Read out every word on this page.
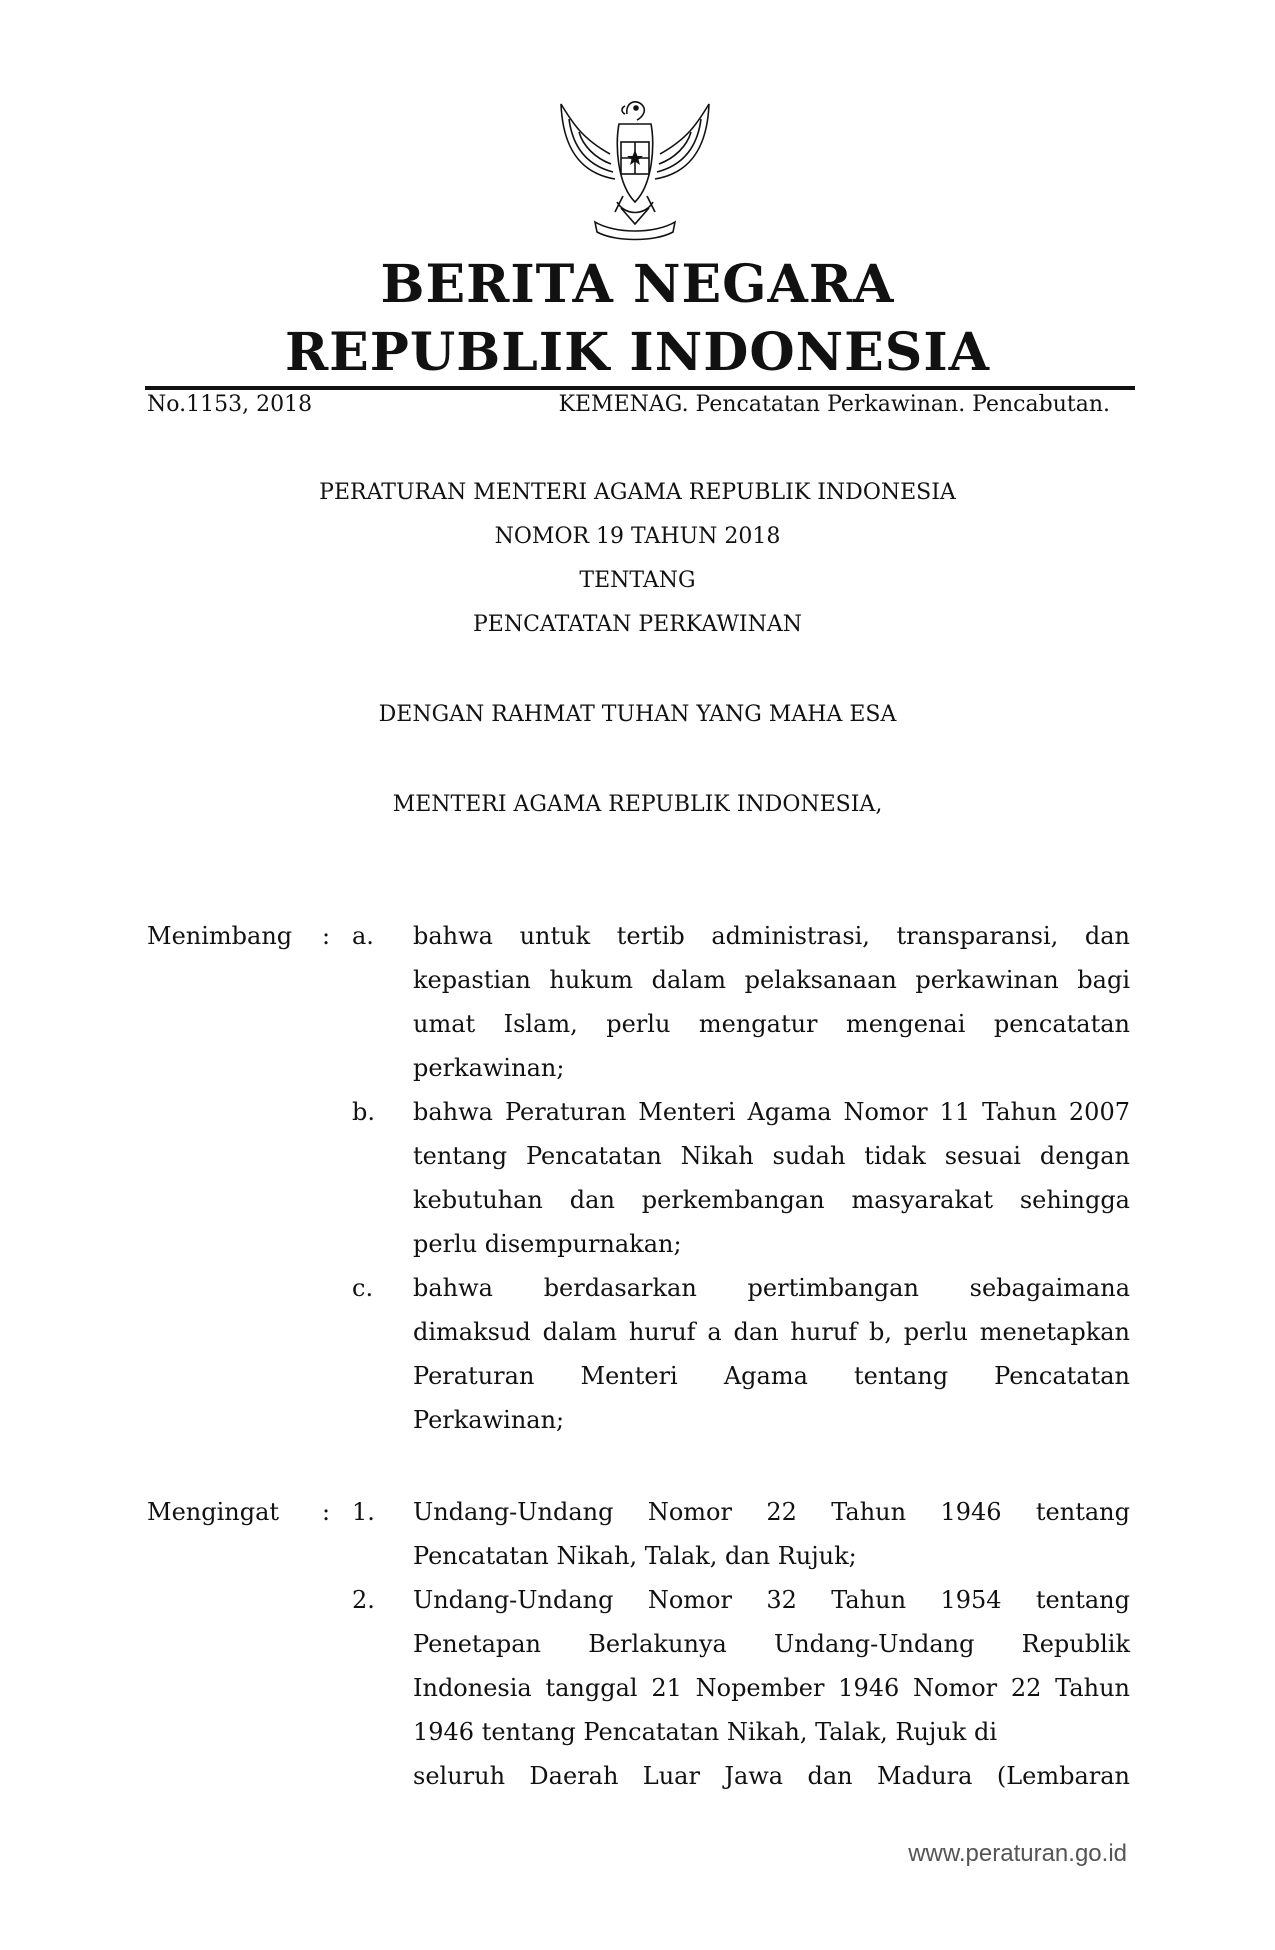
BERITA NEGARA
REPUBLIK INDONESIA
No.1153, 2018	KEMENAG. Pencatatan Perkawinan. Pencabutan.
PERATURAN MENTERI AGAMA REPUBLIK INDONESIA
NOMOR 19 TAHUN 2018
TENTANG
PENCATATAN PERKAWINAN
DENGAN RAHMAT TUHAN YANG MAHA ESA
MENTERI AGAMA REPUBLIK INDONESIA,
Menimbang : a.	bahwa untuk tertib administrasi, transparansi, dan
kepastian hukum dalam pelaksanaan perkawinan bagi
umat Islam, perlu mengatur mengenai pencatatan
perkawinan;
b.	bahwa Peraturan Menteri Agama Nomor 11 Tahun 2007
tentang Pencatatan Nikah sudah tidak sesuai dengan
kebutuhan dan perkembangan masyarakat sehingga
perlu disempurnakan;
c.	bahwa berdasarkan pertimbangan sebagaimana
dimaksud dalam huruf a dan huruf b, perlu menetapkan
Peraturan Menteri Agama tentang Pencatatan
Perkawinan;
Mengingat : 1.	Undang-Undang Nomor 22 Tahun 1946 tentang
Pencatatan Nikah, Talak, dan Rujuk;
2.	Undang-Undang Nomor 32 Tahun 1954 tentang
Penetapan Berlakunya Undang-Undang Republik
Indonesia tanggal 21 Nopember 1946 Nomor 22 Tahun
1946 tentang Pencatatan Nikah, Talak, Rujuk di
seluruh Daerah Luar Jawa dan Madura (Lembaran
www.peraturan.go.id
